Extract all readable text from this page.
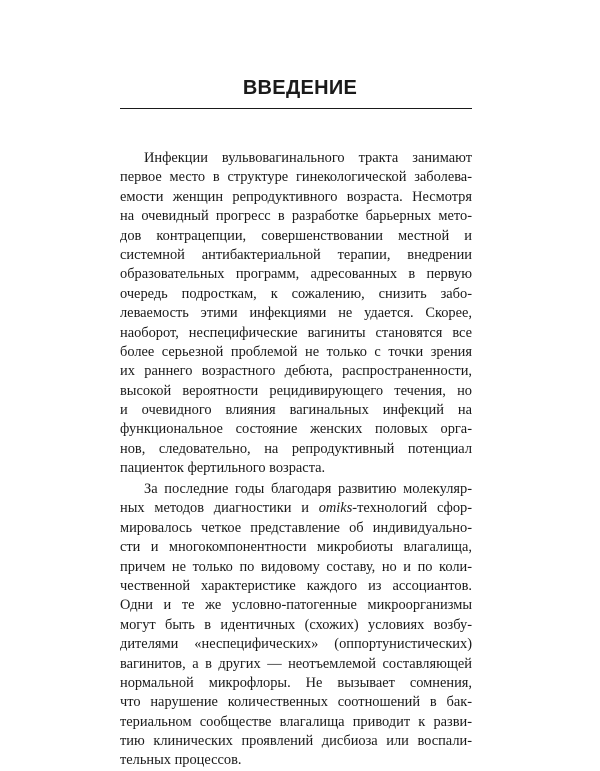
ВВЕДЕНИЕ
Инфекции вульвовагинального тракта занимают
первое место в структуре гинекологической заболева-
емости женщин репродуктивного возраста. Несмотря
на очевидный прогресс в разработке барьерных мето-
дов контрацепции, совершенствовании местной и
системной антибактериальной терапии, внедрении
образовательных программ, адресованных в первую
очередь подросткам, к сожалению, снизить забо-
леваемость этими инфекциями не удается. Скорее,
наоборот, неспецифические вагиниты становятся все
более серьезной проблемой не только с точки зрения
их раннего возрастного дебюта, распространенности,
высокой вероятности рецидивирующего течения, но
и очевидного влияния вагинальных инфекций на
функциональное состояние женских половых орга-
нов, следовательно, на репродуктивный потенциал
пациенток фертильного возраста.
За последние годы благодаря развитию молекуляр-
ных методов диагностики и omiks-технологий сфор-
мировалось четкое представление об индивидуально-
сти и многокомпонентности микробиоты влагалища,
причем не только по видовому составу, но и по коли-
чественной характеристике каждого из ассоциантов.
Одни и те же условно-патогенные микроорганизмы
могут быть в идентичных (схожих) условиях возбу-
дителями «неспецифических» (оппортунистических)
вагинитов, а в других — неотъемлемой составляющей
нормальной микрофлоры. Не вызывает сомнения,
что нарушение количественных соотношений в бак-
териальном сообществе влагалища приводит к разви-
тию клинических проявлений дисбиоза или воспали-
тельных процессов.
